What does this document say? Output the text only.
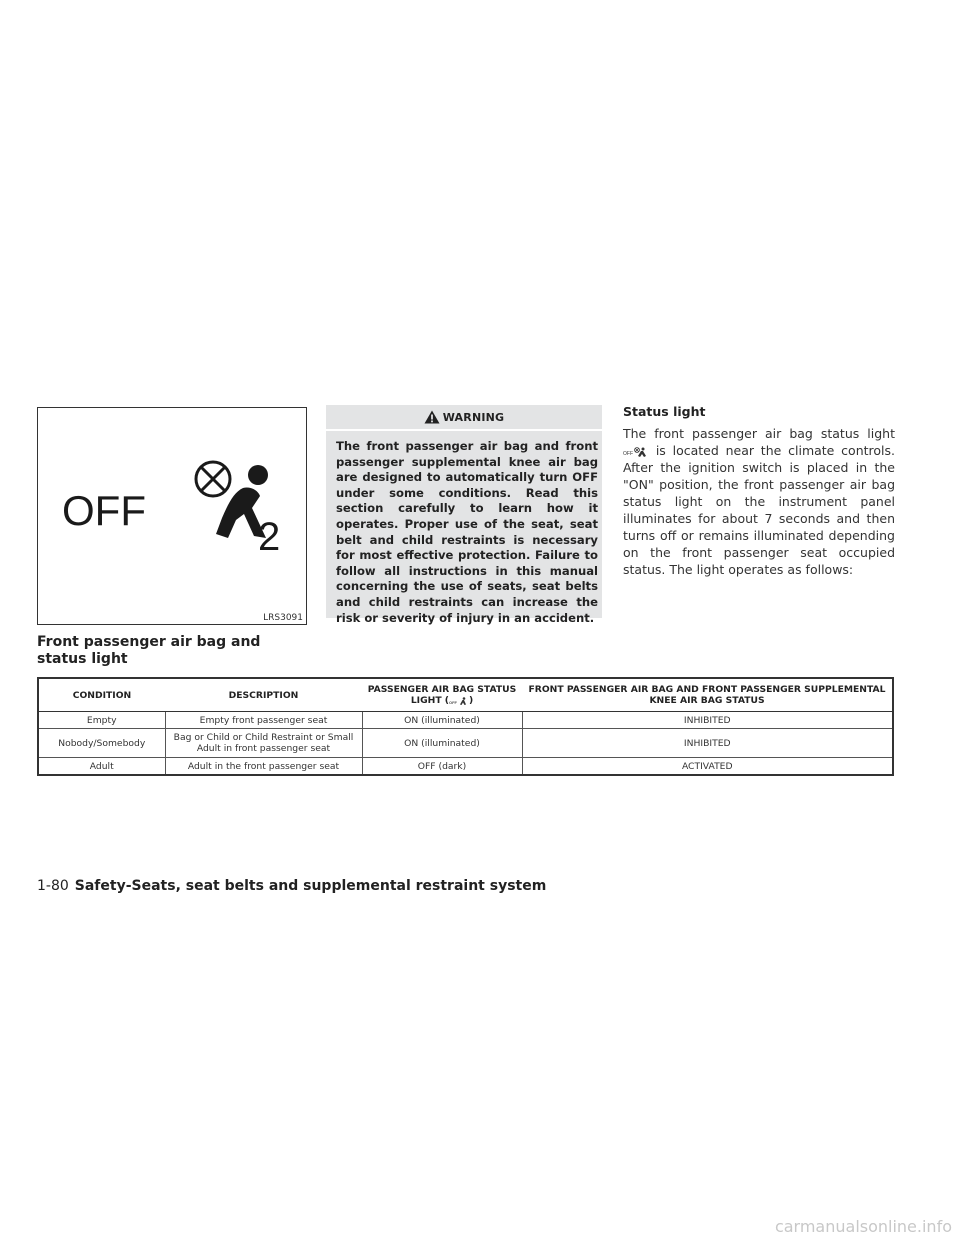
OFF
2
LRS3091
Front passenger air bag and status light
WARNING
The front passenger air bag and front passenger supplemental knee air bag are designed to automatically turn OFF under some conditions. Read this section carefully to learn how it operates. Proper use of the seat, seat belt and child restraints is necessary for most effective protection. Failure to follow all instructions in this manual concerning the use of seats, seat belts and child restraints can increase the risk or severity of injury in an accident.
Status light
The front passenger air bag status light
OFF is located near the climate controls. After the ignition switch is placed in the "ON" position, the front passenger air bag status light on the instrument panel illuminates for about 7 seconds and then turns off or remains illuminated depending on the front passenger seat occupied status. The light operates as follows:
CONDITION	DESCRIPTION	PASSENGER AIR BAG STATUS LIGHT ( OFF )	FRONT PASSENGER AIR BAG AND FRONT PASSENGER SUPPLEMENTAL KNEE AIR BAG STATUS
Empty	Empty front passenger seat	ON (illuminated)	INHIBITED
Nobody/Somebody	Bag or Child or Child Restraint or Small Adult in front passenger seat	ON (illuminated)	INHIBITED
Adult	Adult in the front passenger seat	OFF (dark)	ACTIVATED
1-80 Safety-Seats, seat belts and supplemental restraint system
carmanualsonline.info
